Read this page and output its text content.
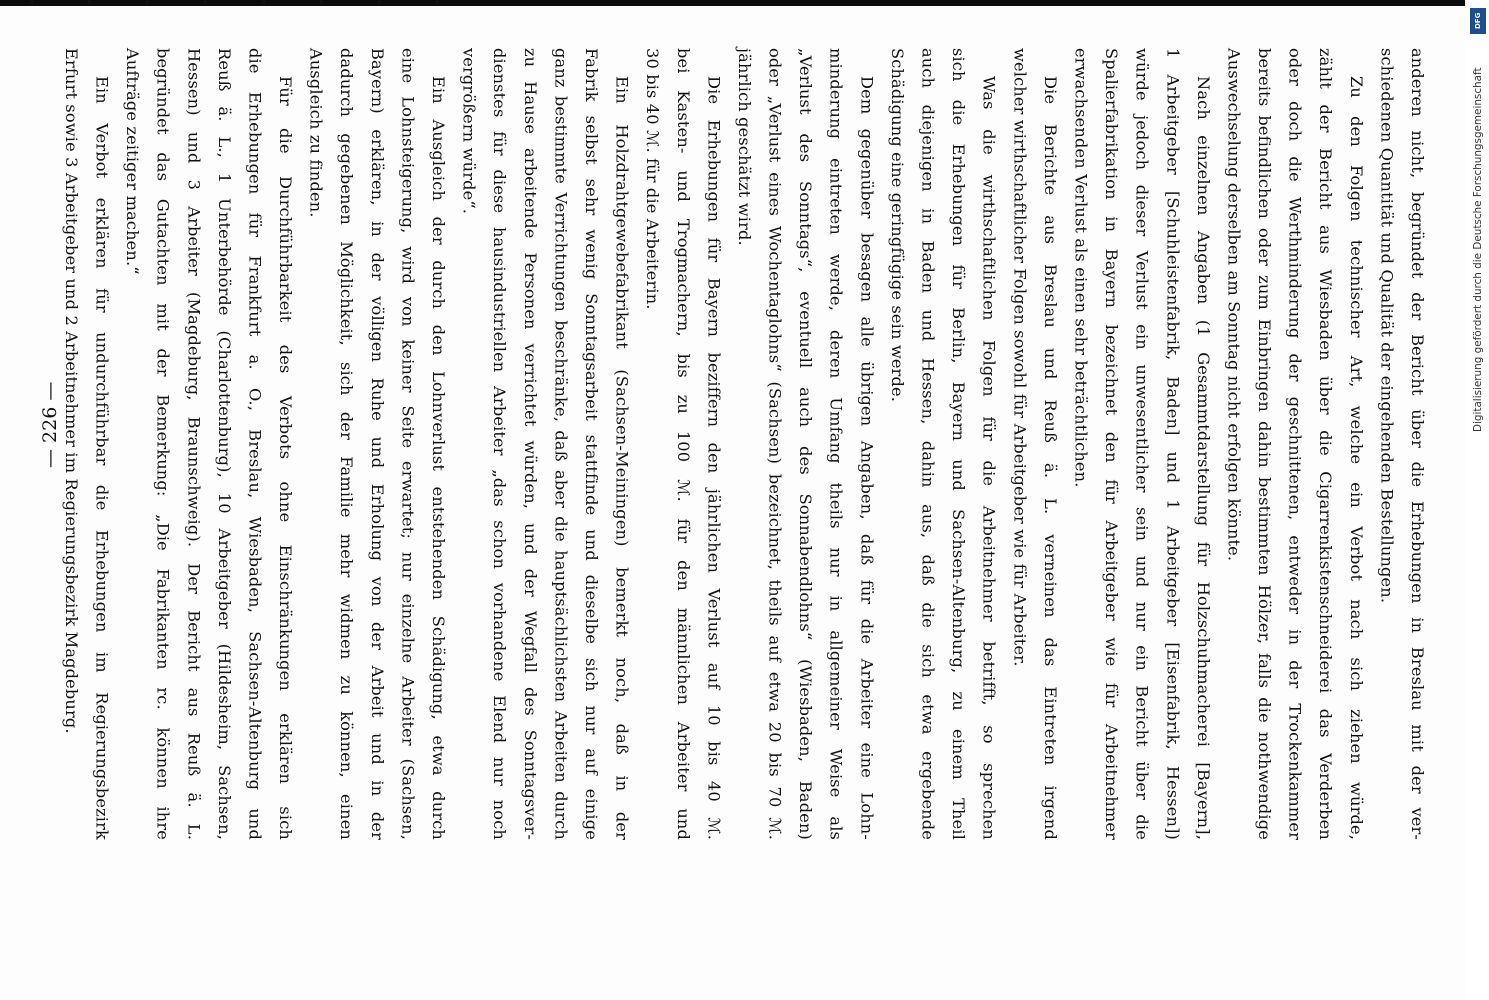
— 226 —	anderen nicht, begründet der Bericht über die Erhebungen in Breslau mit der ver-
schiedenen Quantität und Qualität der eingehenden Bestellungen.
Zu den Folgen technischer Art, welche ein Verbot nach sich ziehen würde,
zählt der Bericht aus Wiesbaden über die Cigarrenkistenschneiderei das Verderben
oder doch die Werthminderung der geschnittenen, entweder in der Trockenkammer
bereits befindlichen oder zum Einbringen dahin bestimmten Hölzer, falls die nothwendige
Auswechselung derselben am Sonntag nicht erfolgen könnte.
Nach einzelnen Angaben (1 Gesammtdarstellung für Holzschuhmacherei [Bayern],
1 Arbeitgeber [Schuhleistenfabrik, Baden] und 1 Arbeitgeber [Eisenfabrik, Hessen])
würde jedoch dieser Verlust ein unwesentlicher sein und nur ein Bericht über die
Spalierfabrikation in Bayern bezeichnet den für Arbeitgeber wie für Arbeitnehmer
erwachsenden Verlust als einen sehr beträchtlichen.
Die Berichte aus Breslau und Reuß ä. L. verneinen das Eintreten irgend
welcher wirthschaftlicher Folgen sowohl für Arbeitgeber wie für Arbeiter.
Was die wirthschaftlichen Folgen für die Arbeitnehmer betrifft, so sprechen
sich die Erhebungen für Berlin, Bayern und Sachsen-Altenburg, zu einem Theil
auch diejenigen in Baden und Hessen, dahin aus, daß die sich etwa ergebende
Schädigung eine geringfügige sein werde.
Dem gegenüber besagen alle übrigen Angaben, daß für die Arbeiter eine Lohn-
minderung eintreten werde, deren Umfang theils nur in allgemeiner Weise als
„Verlust des Sonntags“, eventuell auch des Sonnabendlohns“ (Wiesbaden, Baden)
oder „Verlust eines Wochentaglohns“ (Sachsen) bezeichnet, theils auf etwa 20 bis 70 ℳ.
jährlich geschätzt wird.
Die Erhebungen für Bayern beziffern den jährlichen Verlust auf 10 bis 40 ℳ.
bei Kasten- und Trogmachern, bis zu 100 ℳ. für den männlichen Arbeiter und
30 bis 40 ℳ. für die Arbeiterin.
Ein Holzdrahtgewebefabrikant (Sachsen-Meiningen) bemerkt noch, daß in der
Fabrik selbst sehr wenig Sonntagsarbeit stattfinde und dieselbe sich nur auf einige
ganz bestimmte Verrichtungen beschränke, daß aber die hauptsächlichsten Arbeiten durch
zu Hause arbeitende Personen verrichtet würden, und der Wegfall des Sonntagsver-
dienstes für diese hausindustriellen Arbeiter „das schon vorhandene Elend nur noch
vergrößern würde“.
Ein Ausgleich der durch den Lohnverlust entstehenden Schädigung, etwa durch
eine Lohnsteigerung, wird von keiner Seite erwartet; nur einzelne Arbeiter (Sachsen,
Bayern) erklären, in der völligen Ruhe und Erholung von der Arbeit und in der
dadurch gegebenen Möglichkeit, sich der Familie mehr widmen zu können, einen
Ausgleich zu finden.
Für die Durchführbarkeit des Verbots ohne Einschränkungen erklären sich
die Erhebungen für Frankfurt a. O., Breslau, Wiesbaden, Sachsen-Altenburg und
Reuß ä. L., 1 Unterbehörde (Charlottenburg), 10 Arbeitgeber (Hildesheim, Sachsen,
Hessen) und 3 Arbeiter (Magdeburg, Braunschweig). Der Bericht aus Reuß ä. L.
begründet das Gutachten mit der Bemerkung: „Die Fabrikanten rc. können ihre
Aufträge zeitiger machen.“
Ein Verbot erklären für undurchführbar die Erhebungen im Regierungsbezirk
Erfurt sowie 3 Arbeitgeber und 2 Arbeitnehmer im Regierungsbezirk Magdeburg.
DFG
Digitalisierung gefördert durch die Deutsche Forschungsgemeinschaft
